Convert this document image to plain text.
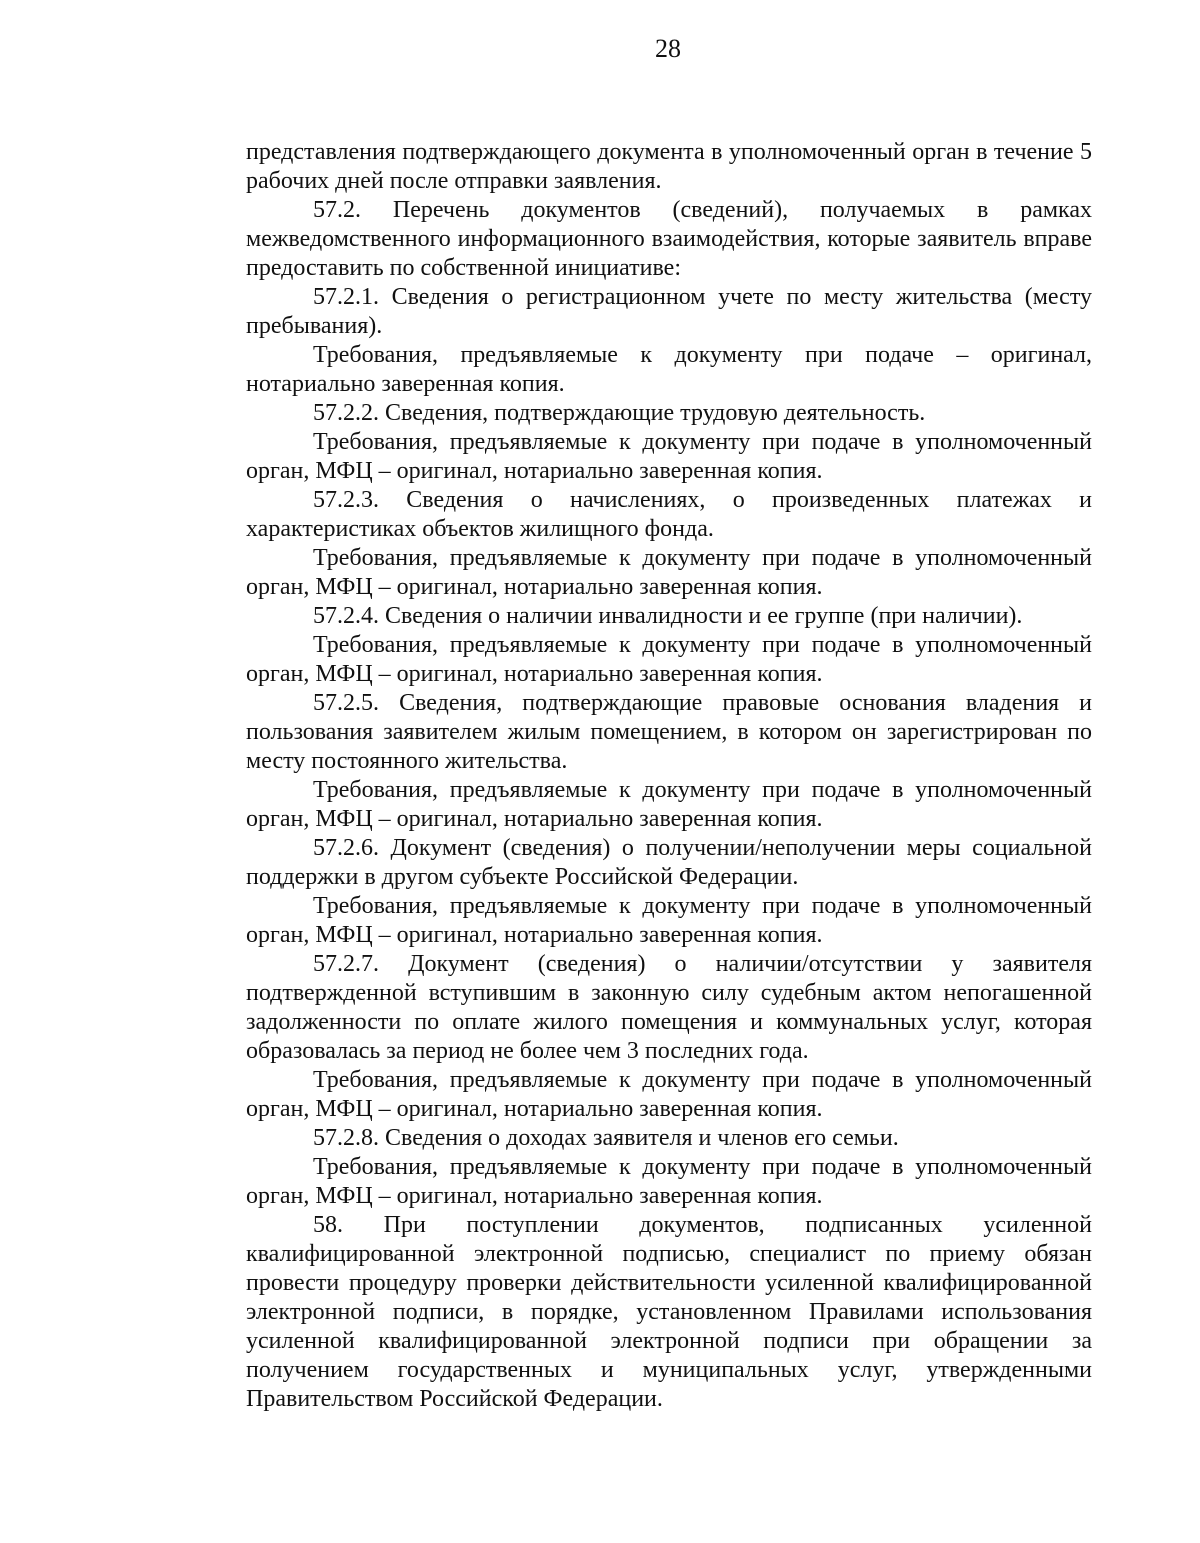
28

представления подтверждающего документа в уполномоченный орган в течение 5 рабочих дней после отправки заявления.

57.2. Перечень документов (сведений), получаемых в рамках межведомственного информационного взаимодействия, которые заявитель вправе предоставить по собственной инициативе:

57.2.1. Сведения о регистрационном учете по месту жительства (месту пребывания).

Требования, предъявляемые к документу при подаче – оригинал, нотариально заверенная копия.

57.2.2. Сведения, подтверждающие трудовую деятельность.

Требования, предъявляемые к документу при подаче в уполномоченный орган, МФЦ – оригинал, нотариально заверенная копия.

57.2.3. Сведения о начислениях, о произведенных платежах и характеристиках объектов жилищного фонда.

Требования, предъявляемые к документу при подаче в уполномоченный орган, МФЦ – оригинал, нотариально заверенная копия.

57.2.4. Сведения о наличии инвалидности и ее группе (при наличии).

Требования, предъявляемые к документу при подаче в уполномоченный орган, МФЦ – оригинал, нотариально заверенная копия.

57.2.5. Сведения, подтверждающие правовые основания владения и пользования заявителем жилым помещением, в котором он зарегистрирован по месту постоянного жительства.

Требования, предъявляемые к документу при подаче в уполномоченный орган, МФЦ – оригинал, нотариально заверенная копия.

57.2.6. Документ (сведения) о получении/неполучении меры социальной поддержки в другом субъекте Российской Федерации.

Требования, предъявляемые к документу при подаче в уполномоченный орган, МФЦ – оригинал, нотариально заверенная копия.

57.2.7. Документ (сведения) о наличии/отсутствии у заявителя подтвержденной вступившим в законную силу судебным актом непогашенной задолженности по оплате жилого помещения и коммунальных услуг, которая образовалась за период не более чем 3 последних года.

Требования, предъявляемые к документу при подаче в уполномоченный орган, МФЦ – оригинал, нотариально заверенная копия.

57.2.8. Сведения о доходах заявителя и членов его семьи.

Требования, предъявляемые к документу при подаче в уполномоченный орган, МФЦ – оригинал, нотариально заверенная копия.

58. При поступлении документов, подписанных усиленной квалифицированной электронной подписью, специалист по приему обязан провести процедуру проверки действительности усиленной квалифицированной электронной подписи, в порядке, установленном Правилами использования усиленной квалифицированной электронной подписи при обращении за получением государственных и муниципальных услуг, утвержденными Правительством Российской Федерации.
